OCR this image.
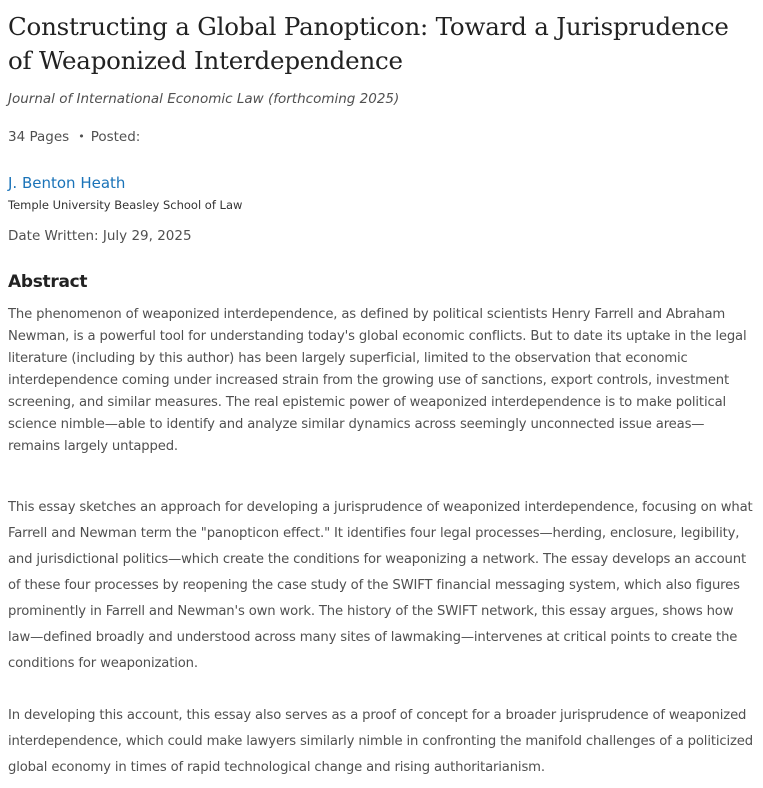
Constructing a Global Panopticon: Toward a Jurisprudence of Weaponized Interdependence

Journal of International Economic Law (forthcoming 2025)

34 Pages • Posted:
J. Benton Heath
Temple University Beasley School of Law
Date Written: July 29, 2025
Abstract

The phenomenon of weaponized interdependence, as defined by political scientists Henry Farrell and Abraham Newman, is a powerful tool for understanding today's global economic conflicts. But to date its uptake in the legal literature (including by this author) has been largely superficial, limited to the observation that economic interdependence coming under increased strain from the growing use of sanctions, export controls, investment screening, and similar measures. The real epistemic power of weaponized interdependence is to make political science nimble—able to identify and analyze similar dynamics across seemingly unconnected issue areas—remains largely untapped.

This essay sketches an approach for developing a jurisprudence of weaponized interdependence, focusing on what Farrell and Newman term the "panopticon effect." It identifies four legal processes—herding, enclosure, legibility, and jurisdictional politics—which create the conditions for weaponizing a network. The essay develops an account of these four processes by reopening the case study of the SWIFT financial messaging system, which also figures prominently in Farrell and Newman's own work. The history of the SWIFT network, this essay argues, shows how law—defined broadly and understood across many sites of lawmaking—intervenes at critical points to create the conditions for weaponization.

In developing this account, this essay also serves as a proof of concept for a broader jurisprudence of weaponized interdependence, which could make lawyers similarly nimble in confronting the manifold challenges of a politicized global economy in times of rapid technological change and rising authoritarianism.
